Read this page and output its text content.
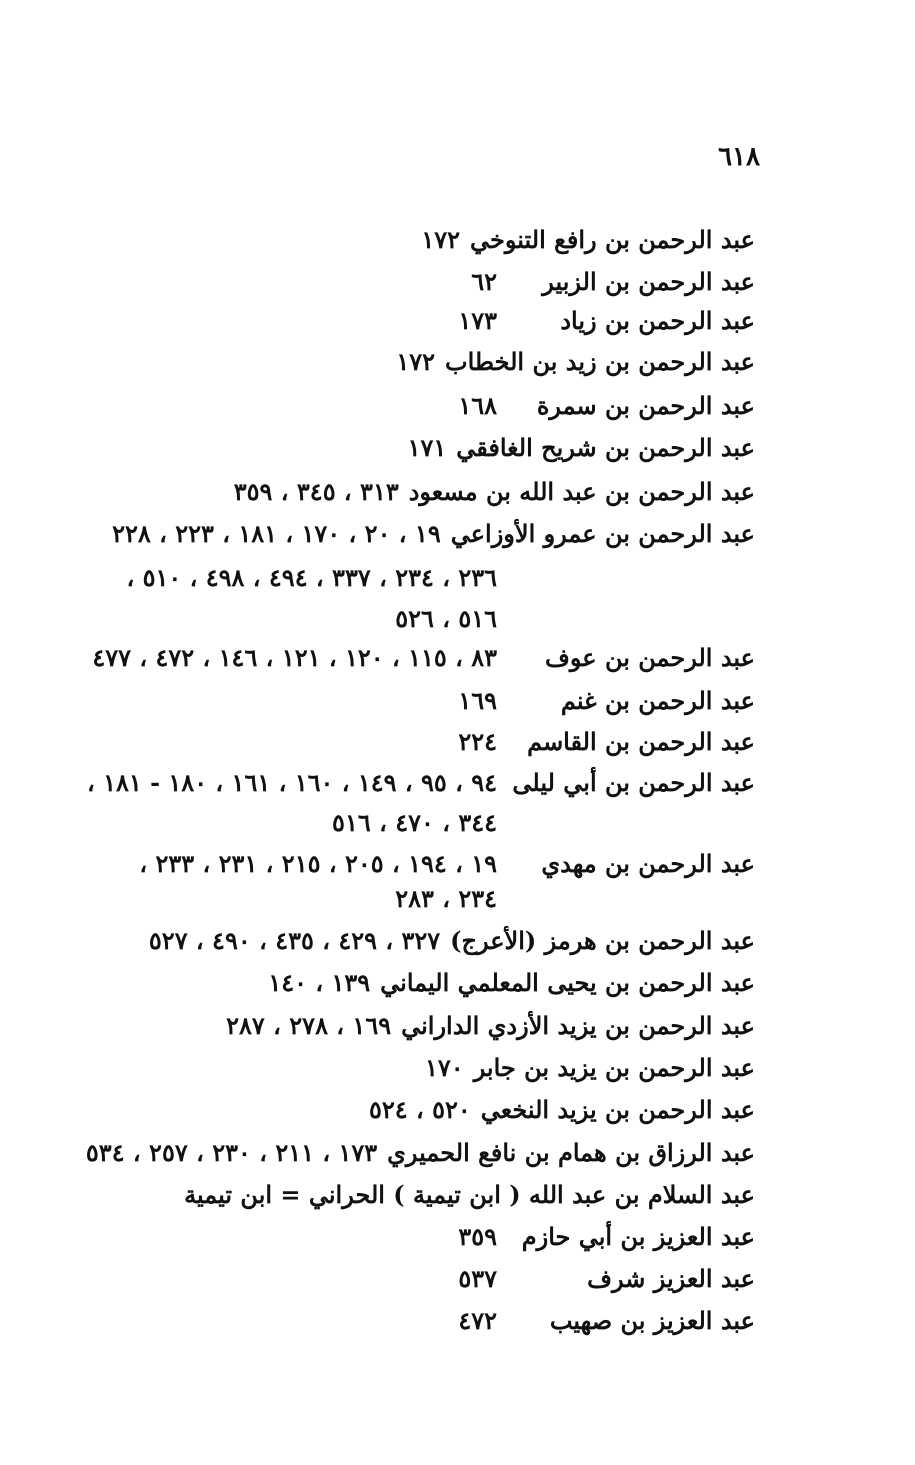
٦١٨
عبد الرحمن بن رافع التنوخي١٧٢
عبد الرحمن بن الزبير٦٢
عبد الرحمن بن زياد١٧٣
عبد الرحمن بن زيد بن الخطاب١٧٢
عبد الرحمن بن سمرة١٦٨
عبد الرحمن بن شريح الغافقي١٧١
عبد الرحمن بن عبد الله بن مسعود٣١٣ ، ٣٤٥ ، ٣٥٩
عبد الرحمن بن عمرو الأوزاعي١٩ ، ٢٠ ، ١٧٠ ، ١٨١ ، ٢٢٣ ، ٢٢٨
٢٣٦ ، ٢٣٤ ، ٣٣٧ ، ٤٩٤ ، ٤٩٨ ، ٥١٠ ،
٥١٦ ، ٥٢٦
عبد الرحمن بن عوف٨٣ ، ١١٥ ، ١٢٠ ، ١٢١ ، ١٤٦ ، ٤٧٢ ، ٤٧٧
عبد الرحمن بن غنم١٦٩
عبد الرحمن بن القاسم٢٢٤
عبد الرحمن بن أبي ليلى٩٤ ، ٩٥ ، ١٤٩ ، ١٦٠ ، ١٦١ ، ١٨٠ - ١٨١ ،
٣٤٤ ، ٤٧٠ ، ٥١٦
عبد الرحمن بن مهدي١٩ ، ١٩٤ ، ٢٠٥ ، ٢١٥ ، ٢٣١ ، ٢٣٣ ،
٢٣٤ ، ٢٨٣
عبد الرحمن بن هرمز (الأعرج)٣٢٧ ، ٤٢٩ ، ٤٣٥ ، ٤٩٠ ، ٥٢٧
عبد الرحمن بن يحيى المعلمي اليماني١٣٩ ، ١٤٠
عبد الرحمن بن يزيد الأزدي الداراني١٦٩ ، ٢٧٨ ، ٢٨٧
عبد الرحمن بن يزيد بن جابر١٧٠
عبد الرحمن بن يزيد النخعي٥٢٠ ، ٥٢٤
عبد الرزاق بن همام بن نافع الحميري١٧٣ ، ٢١١ ، ٢٣٠ ، ٢٥٧ ، ٥٣٤
عبد السلام بن عبد الله ( ابن تيمية ) الحراني = ابن تيمية
عبد العزيز بن أبي حازم٣٥٩
عبد العزيز شرف٥٣٧
عبد العزيز بن صهيب٤٧٢
